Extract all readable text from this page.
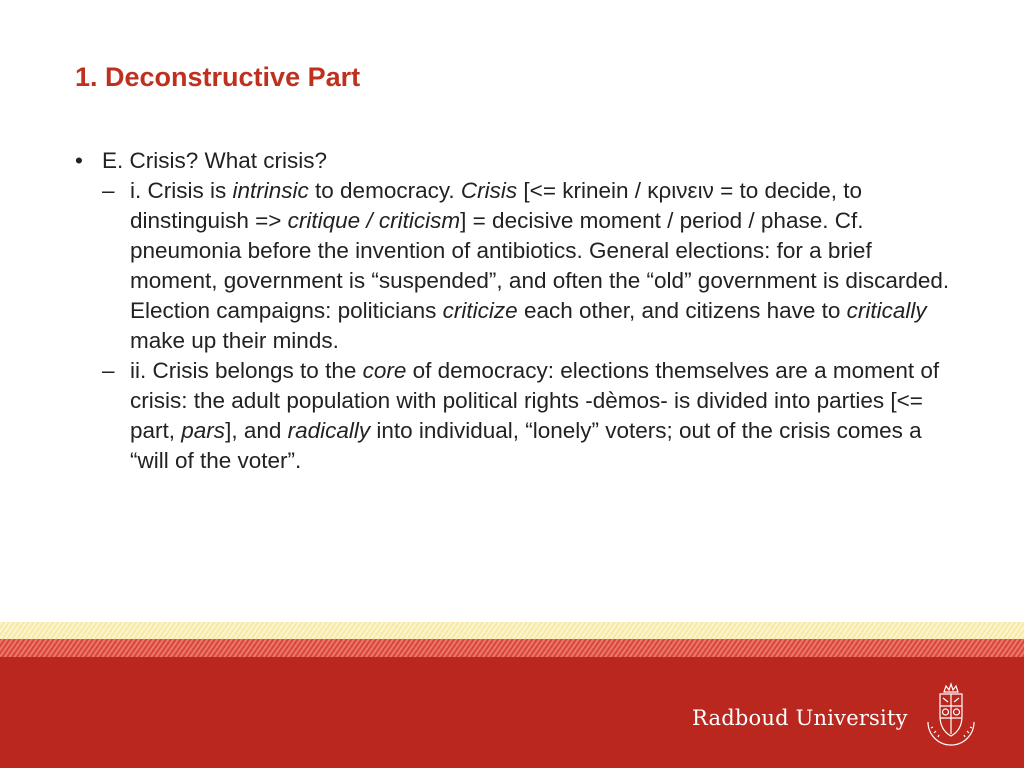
1. Deconstructive Part
• E. Crisis? What crisis?
– i. Crisis is intrinsic to democracy. Crisis [<= krinein / κρινειν = to decide, to dinstinguish => critique / criticism] = decisive moment / period / phase. Cf. pneumonia before the invention of antibiotics. General elections: for a brief moment, government is “suspended”, and often the “old” government is discarded. Election campaigns: politicians criticize each other, and citizens have to critically make up their minds.
– ii. Crisis belongs to the core of democracy: elections themselves are a moment of crisis: the adult population with political rights -dèmos- is divided into parties [<= part, pars], and radically into individual, “lonely” voters; out of the crisis comes a “will of the voter”.
Radboud University
